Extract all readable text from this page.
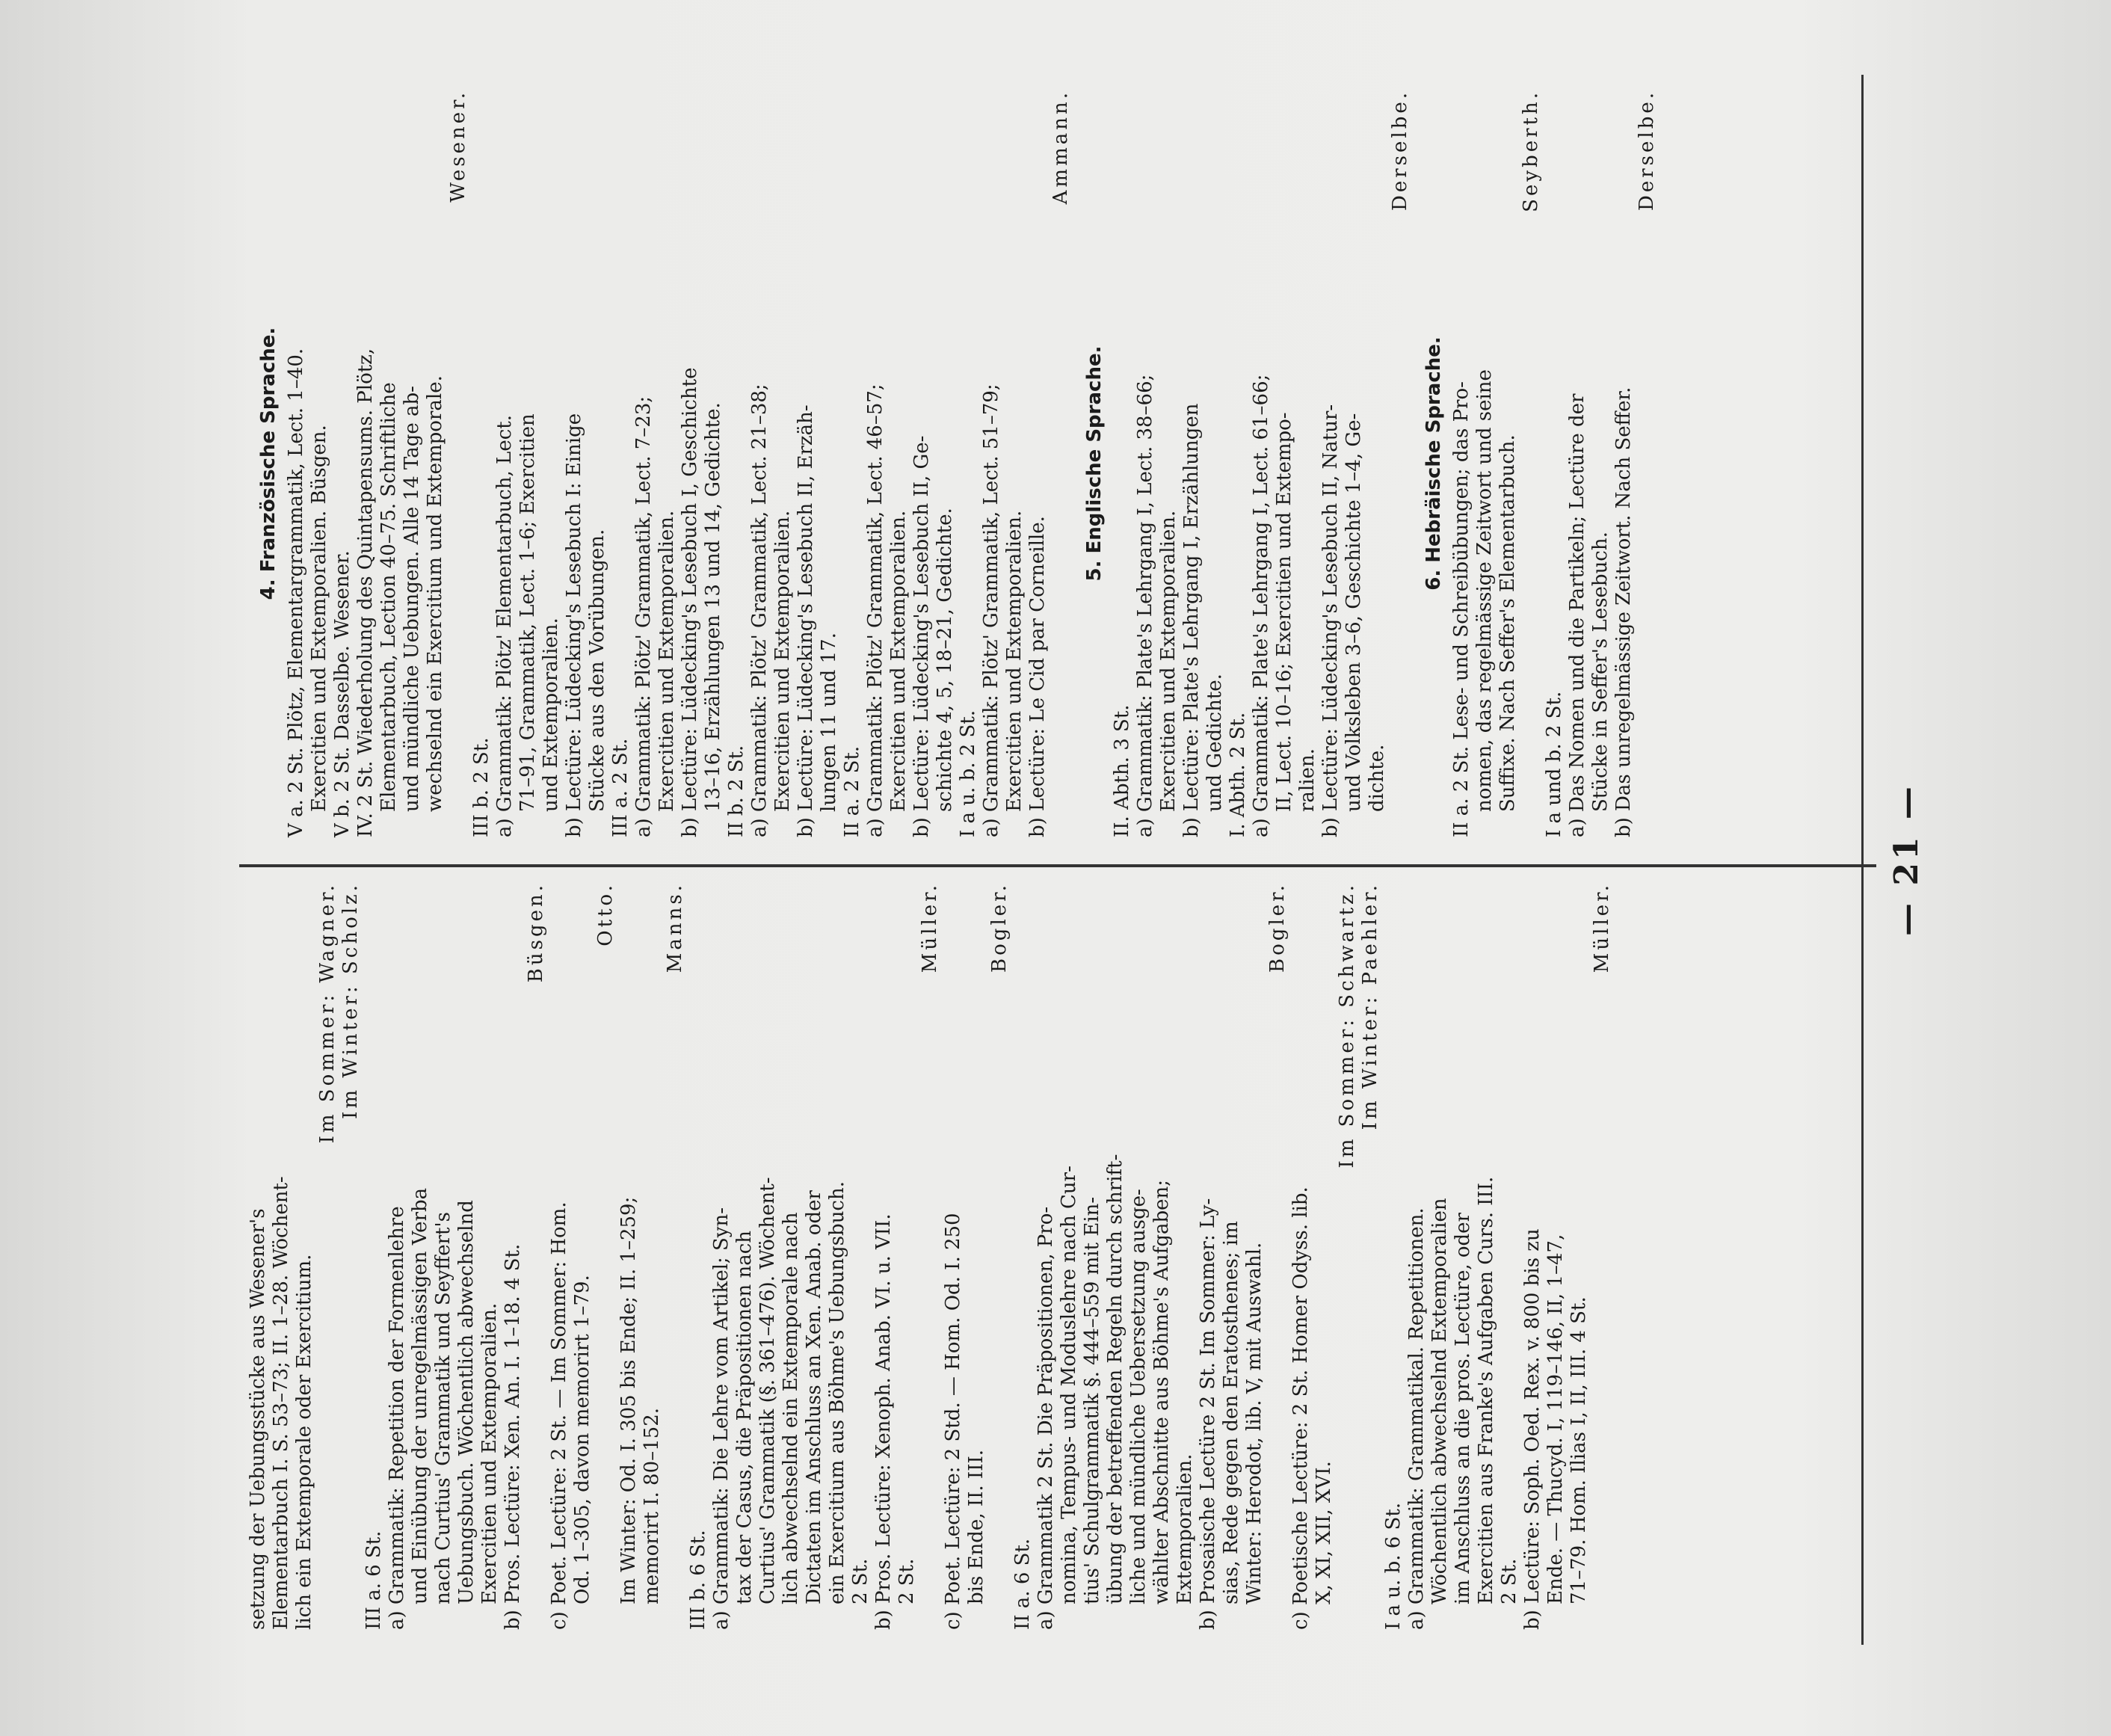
setzung der Uebungsstücke aus Wesener's Elementarbuch I. S. 53–73; II. 1–28. Wöchent- lich ein Extemporale oder Exercitium.

Im Sommer: Wagner. Im Winter: Scholz.

III a. 6 St. a) Grammatik: Repetition der Formenlehre und Einübung der unregelmässigen Verba nach Curtius' Grammatik und Seyffert's Uebungsbuch. Wöchentlich abwechselnd Exercitien und Extemporalien. b) Pros. Lectüre: Xen. An. I. 1–18. 4 St.

Büsgen.

c) Poet. Lectüre: 2 St. — Im Sommer: Hom. Od. 1–305, davon memorirt 1–79.

Otto.

Im Winter: Od. I. 305 bis Ende; II. 1–259; memorirt I. 80–152.

Manns.

III b. 6 St. a) Grammatik: Die Lehre vom Artikel; Syn- tax der Casus, die Präpositionen nach Curtius' Grammatik (§. 361–476). Wöchent- lich abwechselnd ein Extemporale nach Dictaten im Anschluss an Xen. Anab. oder ein Exercitium aus Böhme's Uebungsbuch. 2 St. b) Pros. Lectüre: Xenoph. Anab. VI. u. VII. 2 St.

Müller.

c) Poet. Lectüre: 2 Std. — Hom. Od. I. 250 bis Ende, II. III.

Bogler.

II a. 6 St. a) Grammatik 2 St. Die Präpositionen, Pro- nomina, Tempus- und Moduslehre nach Cur- tius' Schulgrammatik §. 444–559 mit Ein- übung der betreffenden Regeln durch schrift- liche und mündliche Uebersetzung ausge- wählter Abschnitte aus Böhme's Aufgaben; Extemporalien. b) Prosaische Lectüre 2 St. Im Sommer: Ly- sias, Rede gegen den Eratosthenes; im Winter: Herodot, lib. V, mit Auswahl.

Bogler.

c) Poetische Lectüre: 2 St. Homer Odyss. lib. X, XI, XII, XVI.

Im Sommer: Schwartz. Im Winter: Paehler.

I a u. b. 6 St. a) Grammatik: Grammatikal. Repetitionen. Wöchentlich abwechselnd Extemporalien im Anschluss an die pros. Lectüre, oder Exercitien aus Franke's Aufgaben Curs. III. 2 St. b) Lectüre: Soph. Oed. Rex. v. 800 bis zu Ende. — Thucyd. I, 119–146, II, 1–47, 71–79. Hom. Ilias I, II, III. 4 St.

Müller.

4. Französische Sprache. V a. 2 St. Plötz, Elementargrammatik, Lect. 1–40. Exercitien und Extemporalien. Büsgen. V b. 2 St. Dasselbe. Wesener. IV. 2 St. Wiederholung des Quintapensums. Plötz, Elementarbuch, Lection 40–75. Schriftliche und mündliche Uebungen. Alle 14 Tage ab- wechselnd ein Exercitium und Extemporale.

Wesener.

III b. 2 St. a) Grammatik: Plötz' Elementarbuch, Lect. 71–91, Grammatik, Lect. 1–6; Exercitien und Extemporalien. b) Lectüre: Lüdecking's Lesebuch I: Einige Stücke aus den Vorübungen. III a. 2 St. a) Grammatik: Plötz' Grammatik, Lect. 7–23; Exercitien und Extemporalien. b) Lectüre: Lüdecking's Lesebuch I, Geschichte 13–16, Erzählungen 13 und 14, Gedichte. II b. 2 St. a) Grammatik: Plötz' Grammatik, Lect. 21–38; Exercitien und Extemporalien. b) Lectüre: Lüdecking's Lesebuch II, Erzäh- lungen 11 und 17. II a. 2 St. a) Grammatik: Plötz' Grammatik, Lect. 46–57; Exercitien und Extemporalien. b) Lectüre: Lüdecking's Lesebuch II, Ge- schichte 4, 5, 18–21, Gedichte. I a u. b. 2 St. a) Grammatik: Plötz' Grammatik, Lect. 51–79; Exercitien und Extemporalien. b) Lectüre: Le Cid par Corneille.

Ammann.

5. Englische Sprache.

II. Abth. 3 St. a) Grammatik: Plate's Lehrgang I, Lect. 38–66; Exercitien und Extemporalien. b) Lectüre: Plate's Lehrgang I, Erzählungen und Gedichte. I. Abth. 2 St. a) Grammatik: Plate's Lehrgang I, Lect. 61–66; II, Lect. 10–16; Exercitien und Extempo- ralien. b) Lectüre: Lüdecking's Lesebuch II, Natur- und Volksleben 3–6, Geschichte 1–4, Ge- dichte.

Derselbe.

6. Hebräische Sprache. II a. 2 St. Lese- und Schreibübungen; das Pro- nomen, das regelmässige Zeitwort und seine Suffixe. Nach Seffer's Elementarbuch.

Seyberth.

I a und b. 2 St. a) Das Nomen und die Partikeln; Lectüre der Stücke in Seffer's Lesebuch. b) Das unregelmässige Zeitwort. Nach Seffer.

Derselbe.

— 21 —
